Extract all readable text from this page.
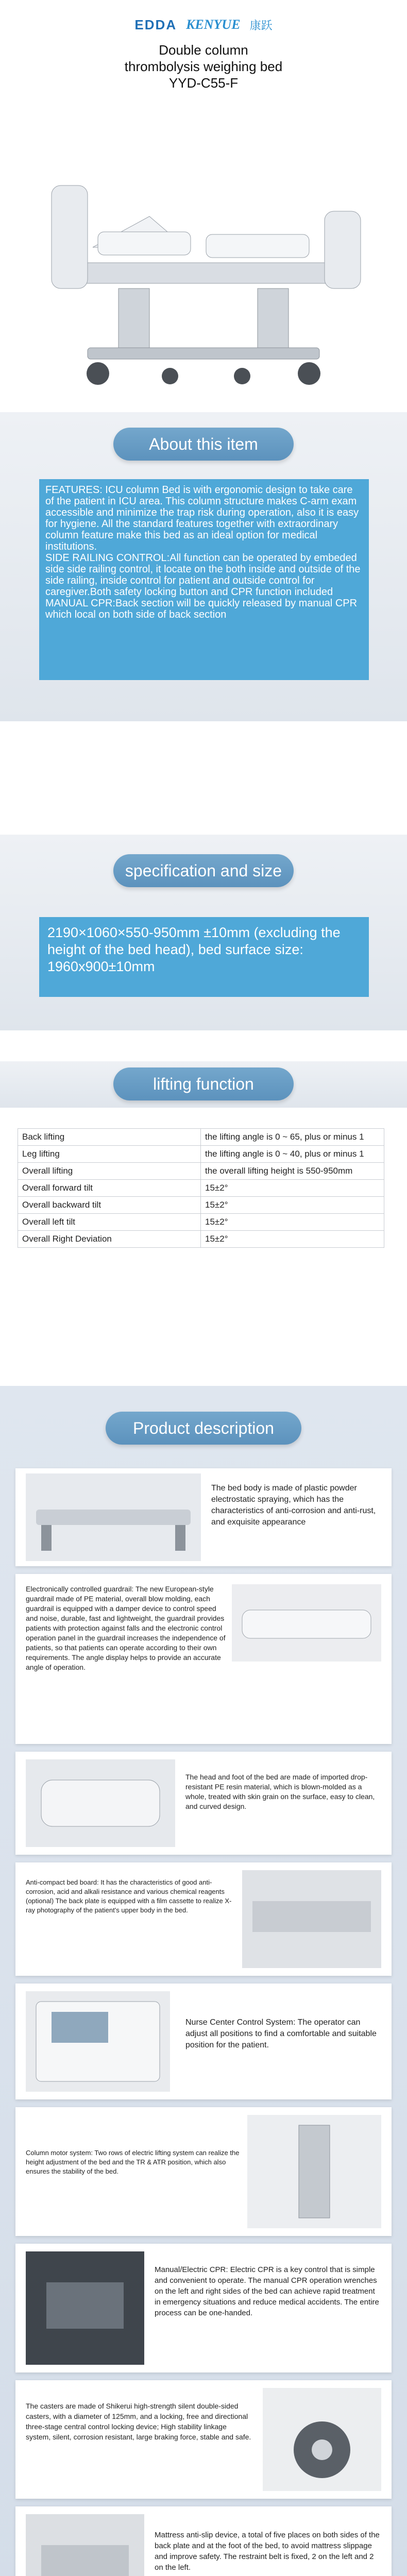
EDDA KENYUE 康跃
Double column
thrombolysis weighing bed
YYD-C55-F
About this item

FEATURES: ICU column Bed is with ergonomic design to take care of the patient in ICU area. This column structure makes C-arm exam accessible and minimize the trap risk during operation, also it is easy for hygiene. All the standard features together with extraordinary column feature make this bed as an ideal option for medical institutions.

SIDE RAILING CONTROL:All function can be operated by embeded side side railing control, it locate on the both inside and outside of the side railing, inside control for patient and outside control for caregiver.Both safety locking button and CPR function included

MANUAL CPR:Back section will be quickly released by manual CPR which local on both side of back section

specification and size
2190×1060×550-950mm ±10mm (excluding the height of the bed head), bed surface size: 1960x900±10mm
lifting function
Back lifting	the lifting angle is 0 ~ 65, plus or minus 1
Leg lifting	the lifting angle is 0 ~ 40, plus or minus 1
Overall lifting	the overall lifting height is 550-950mm
Overall forward tilt	15±2°
Overall backward tilt	15±2°
Overall left tilt	15±2°
Overall Right Deviation	15±2°
Product description
The bed body is made of plastic powder electrostatic spraying, which has the characteristics of anti-corrosion and anti-rust, and exquisite appearance
Electronically controlled guardrail: The new European-style guardrail made of PE material, overall blow molding, each guardrail is equipped with a damper device to control speed and noise, durable, fast and lightweight, the guardrail provides patients with protection against falls and the electronic control operation panel in the guardrail increases the independence of patients, so that patients can operate according to their own requirements. The angle display helps to provide an accurate angle of operation.
The head and foot of the bed are made of imported drop-resistant PE resin material, which is blown-molded as a whole, treated with skin grain on the surface, easy to clean, and curved design.
Anti-compact bed board: It has the characteristics of good anti-corrosion, acid and alkali resistance and various chemical reagents (optional) The back plate is equipped with a film cassette to realize X-ray photography of the patient's upper body in the bed.
Nurse Center Control System: The operator can adjust all positions to find a comfortable and suitable position for the patient.
Column motor system: Two rows of electric lifting system can realize the height adjustment of the bed and the TR & ATR position, which also ensures the stability of the bed.
Manual/Electric CPR: Electric CPR is a key control that is simple and convenient to operate. The manual CPR operation wrenches on the left and right sides of the bed can achieve rapid treatment in emergency situations and reduce medical accidents. The entire process can be one-handed.
The casters are made of Shikerui high-strength silent double-sided casters, with a diameter of 125mm, and a locking, free and directional three-stage central control locking device; High stability linkage system, silent, corrosion resistant, large braking force, stable and safe.
Mattress anti-slip device, a total of five places on both sides of the back plate and at the foot of the bed, to avoid mattress slippage and improve safety. The restraint belt is fixed, 2 on the left and 2 on the left.
